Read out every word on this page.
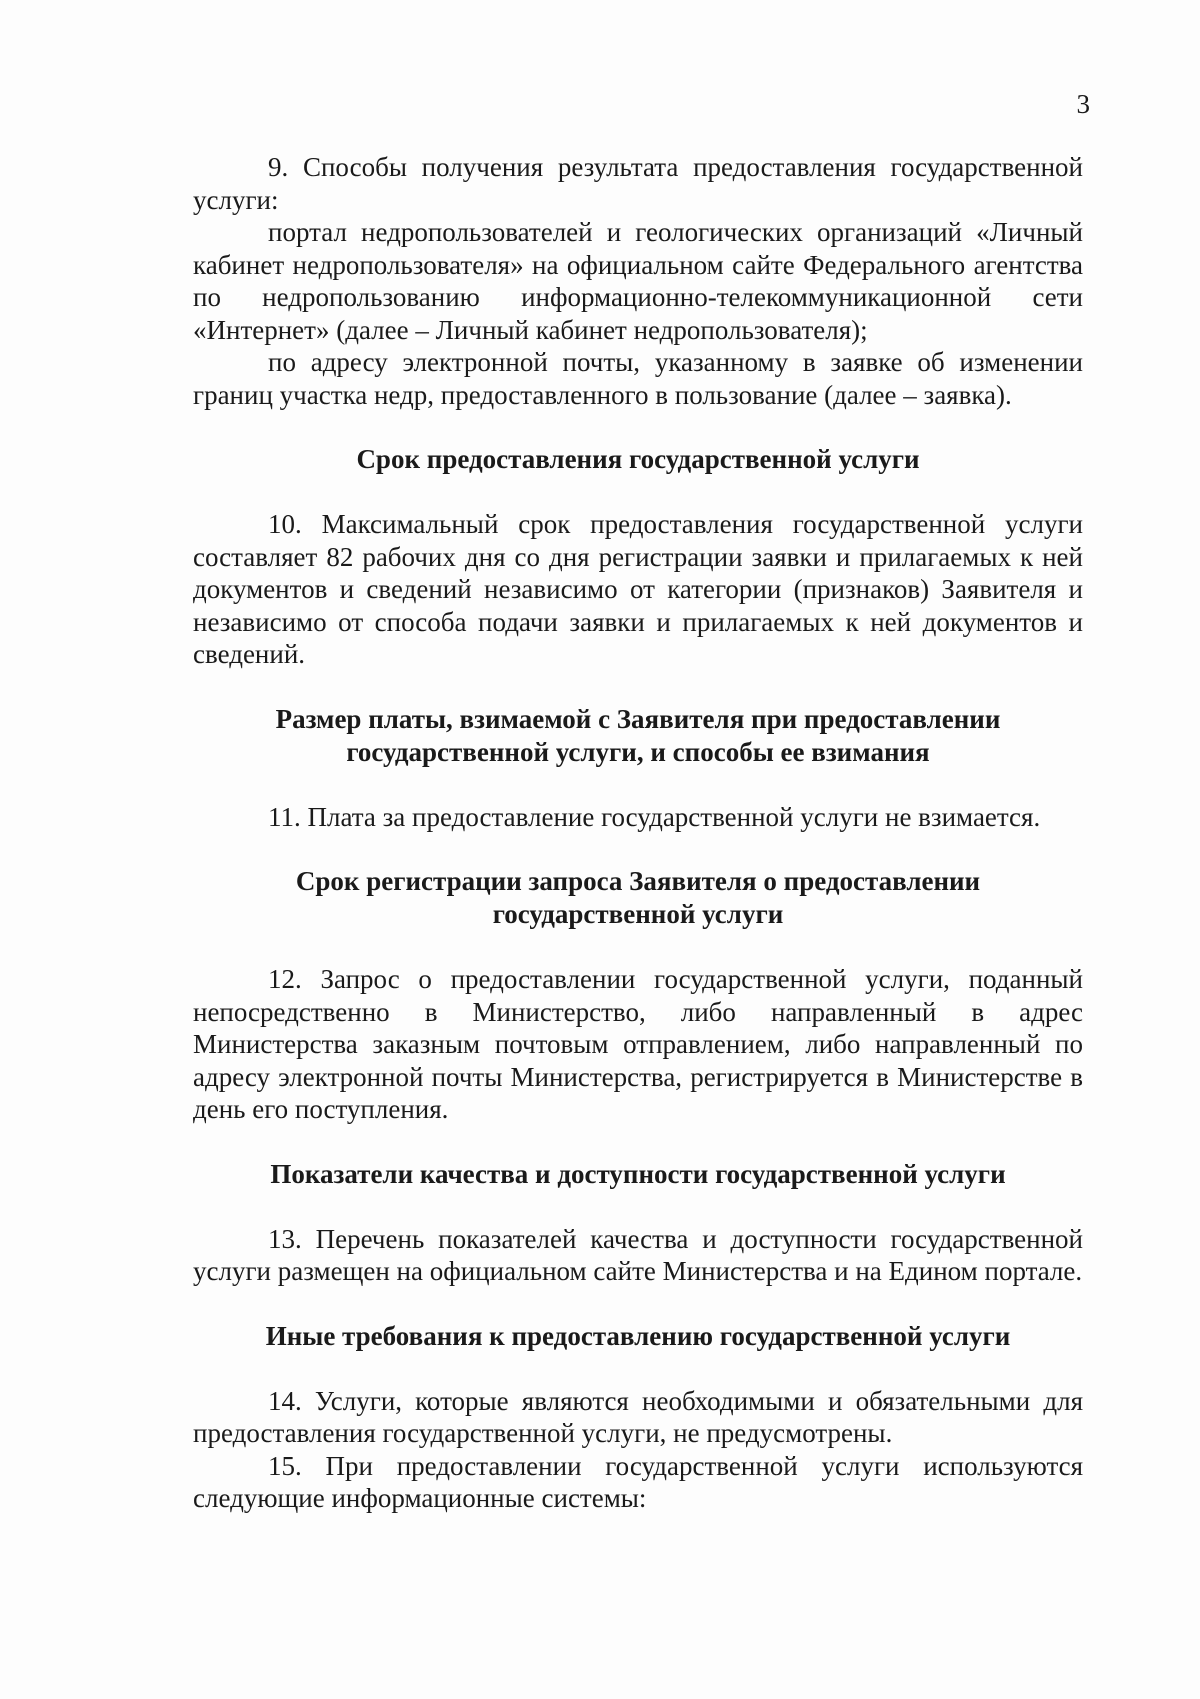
3

9. Способы получения результата предоставления государственной услуги:

портал недропользователей и геологических организаций «Личный кабинет недропользователя» на официальном сайте Федерального агентства по недропользованию информационно-телекоммуникационной сети «Интернет» (далее – Личный кабинет недропользователя);

по адресу электронной почты, указанному в заявке об изменении границ участка недр, предоставленного в пользование (далее – заявка).

Срок предоставления государственной услуги

10. Максимальный срок предоставления государственной услуги составляет 82 рабочих дня со дня регистрации заявки и прилагаемых к ней документов и сведений независимо от категории (признаков) Заявителя и независимо от способа подачи заявки и прилагаемых к ней документов и сведений.

Размер платы, взимаемой с Заявителя при предоставлении
государственной услуги, и способы ее взимания

11. Плата за предоставление государственной услуги не взимается.

Срок регистрации запроса Заявителя о предоставлении
государственной услуги

12. Запрос о предоставлении государственной услуги, поданный непосредственно в Министерство, либо направленный в адрес Министерства заказным почтовым отправлением, либо направленный по адресу электронной почты Министерства, регистрируется в Министерстве в день его поступления.

Показатели качества и доступности государственной услуги

13. Перечень показателей качества и доступности государственной услуги размещен на официальном сайте Министерства и на Едином портале.

Иные требования к предоставлению государственной услуги

14. Услуги, которые являются необходимыми и обязательными для предоставления государственной услуги, не предусмотрены.

15. При предоставлении государственной услуги используются следующие информационные системы:
